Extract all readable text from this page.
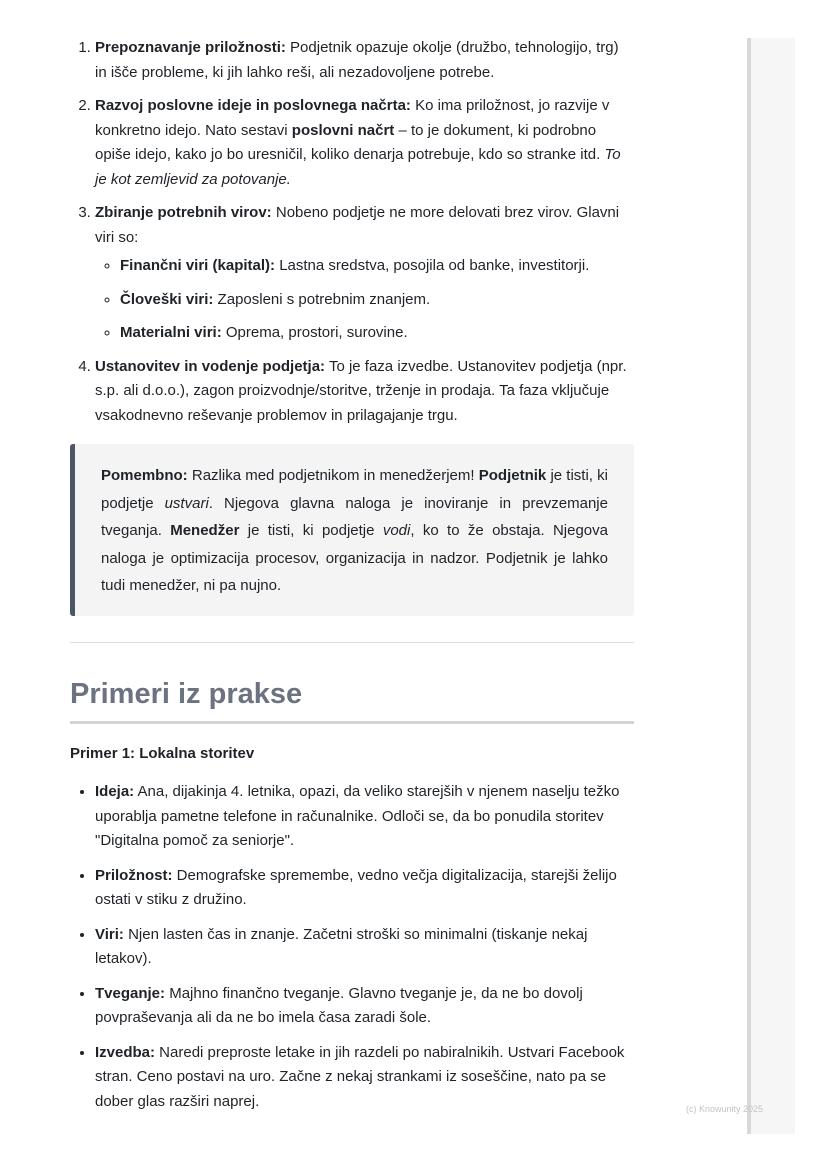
1. Prepoznavanje priložnosti: Podjetnik opazuje okolje (družbo, tehnologijo, trg) in išče probleme, ki jih lahko reši, ali nezadovoljene potrebe.
2. Razvoj poslovne ideje in poslovnega načrta: Ko ima priložnost, jo razvije v konkretno idejo. Nato sestavi poslovni načrt – to je dokument, ki podrobno opiše idejo, kako jo bo uresničil, koliko denarja potrebuje, kdo so stranke itd. To je kot zemljevid za potovanje.
3. Zbiranje potrebnih virov: Nobeno podjetje ne more delovati brez virov. Glavni viri so:
◦ Finančni viri (kapital): Lastna sredstva, posojila od banke, investitorji.
◦ Človeški viri: Zaposleni s potrebnim znanjem.
◦ Materialni viri: Oprema, prostori, surovine.
4. Ustanovitev in vodenje podjetja: To je faza izvedbe. Ustanovitev podjetja (npr. s.p. ali d.o.o.), zagon proizvodnje/storitve, trženje in prodaja. Ta faza vključuje vsakodnevno reševanje problemov in prilagajanje trgu.
Pomembno: Razlika med podjetnikom in menedžerjem! Podjetnik je tisti, ki podjetje ustvari. Njegova glavna naloga je inoviranje in prevzemanje tveganja. Menedžer je tisti, ki podjetje vodi, ko to že obstaja. Njegova naloga je optimizacija procesov, organizacija in nadzor. Podjetnik je lahko tudi menedžer, ni pa nujno.
Primeri iz prakse
Primer 1: Lokalna storitev
• Ideja: Ana, dijakinja 4. letnika, opazi, da veliko starejših v njenem naselju težko uporablja pametne telefone in računalnike. Odloči se, da bo ponudila storitev "Digitalna pomoč za seniorje".
• Priložnost: Demografske spremembe, vedno večja digitalizacija, starejši želijo ostati v stiku z družino.
• Viri: Njen lasten čas in znanje. Začetni stroški so minimalni (tiskanje nekaj letakov).
• Tveganje: Majhno finančno tveganje. Glavno tveganje je, da ne bo dovolj povpraševanja ali da ne bo imela časa zaradi šole.
• Izvedba: Naredi preproste letake in jih razdeli po nabiralnikih. Ustvari Facebook stran. Ceno postavi na uro. Začne z nekaj strankami iz soseščine, nato pa se dober glas razširi naprej.	(c) Knowunity 2025
